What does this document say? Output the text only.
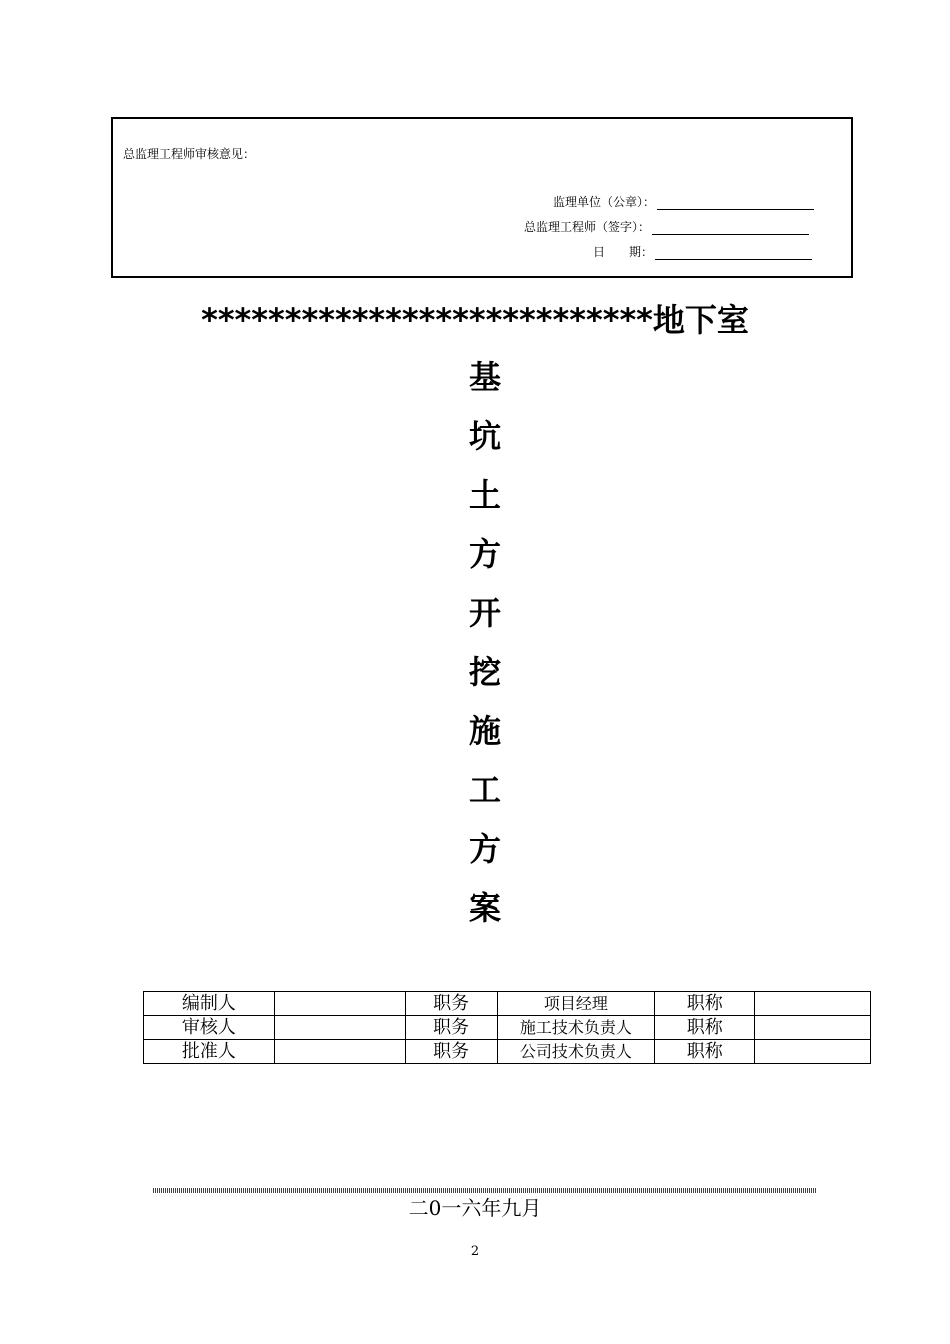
总监理工程师审核意见：
监理单位（公章）：
总监理工程师（签字）：
日　　期：
***************************地下室
基
坑
土
方
开
挖
施
工
方
案
编制人		职务	项目经理	职称	
审核人		职务	施工技术负责人	职称	
批准人		职务	公司技术负责人	职称	
二0一六年九月
2
